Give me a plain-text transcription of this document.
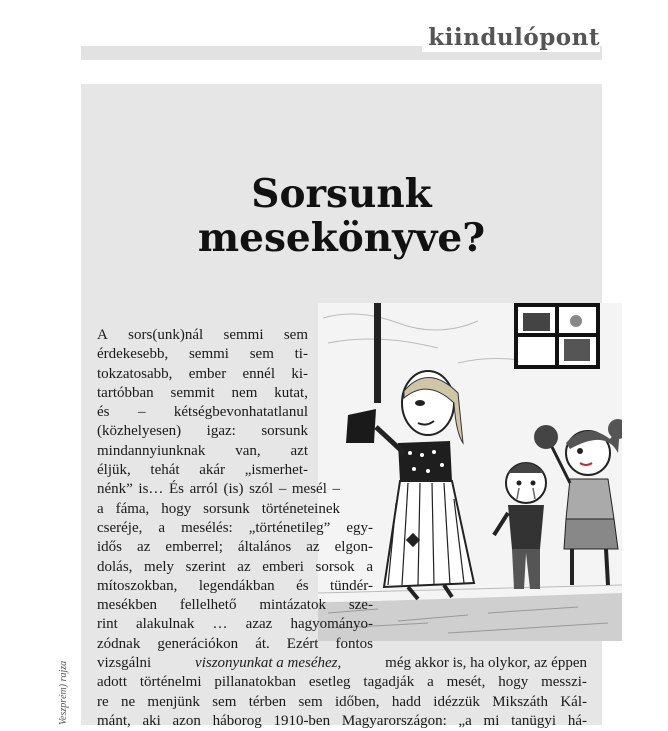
kiindulópont
Sorsunk
mesekönyve?
A sors(unk)nál semmi sem
érdekesebb, semmi sem ti-
tokzatosabb, ember ennél ki-
tartóbban semmit nem kutat,
és – kétségbevonhatatlanul
(közhelyesen) igaz: sorsunk
mindannyiunknak van, azt
éljük, tehát akár „ismerhet-
nénk” is… És arról (is) szól – mesél –
a fáma, hogy sorsunk történeteinek
cseréje, a mesélés: „történetileg” egy-
idős az emberrel; általános az elgon-
dolás, mely szerint az emberi sorsok a
mítoszokban, legendákban és tündér-
mesékben fellelhető mintázatok sze-
rint alakulnak … azaz hagyományo-
zódnak generációkon át. Ezért fontos
vizsgálni	viszonyunkat a meséhez,	még akkor is, ha olykor, az éppen
adott történelmi pillanatokban esetleg tagadják a mesét, hogy messzi-
re ne menjünk sem térben sem időben, hadd idézzük Mikszáth Kál-
mánt, aki azon háborog 1910-ben Magyarországon: „a mi tanügyi há-
Veszprém) rajza
